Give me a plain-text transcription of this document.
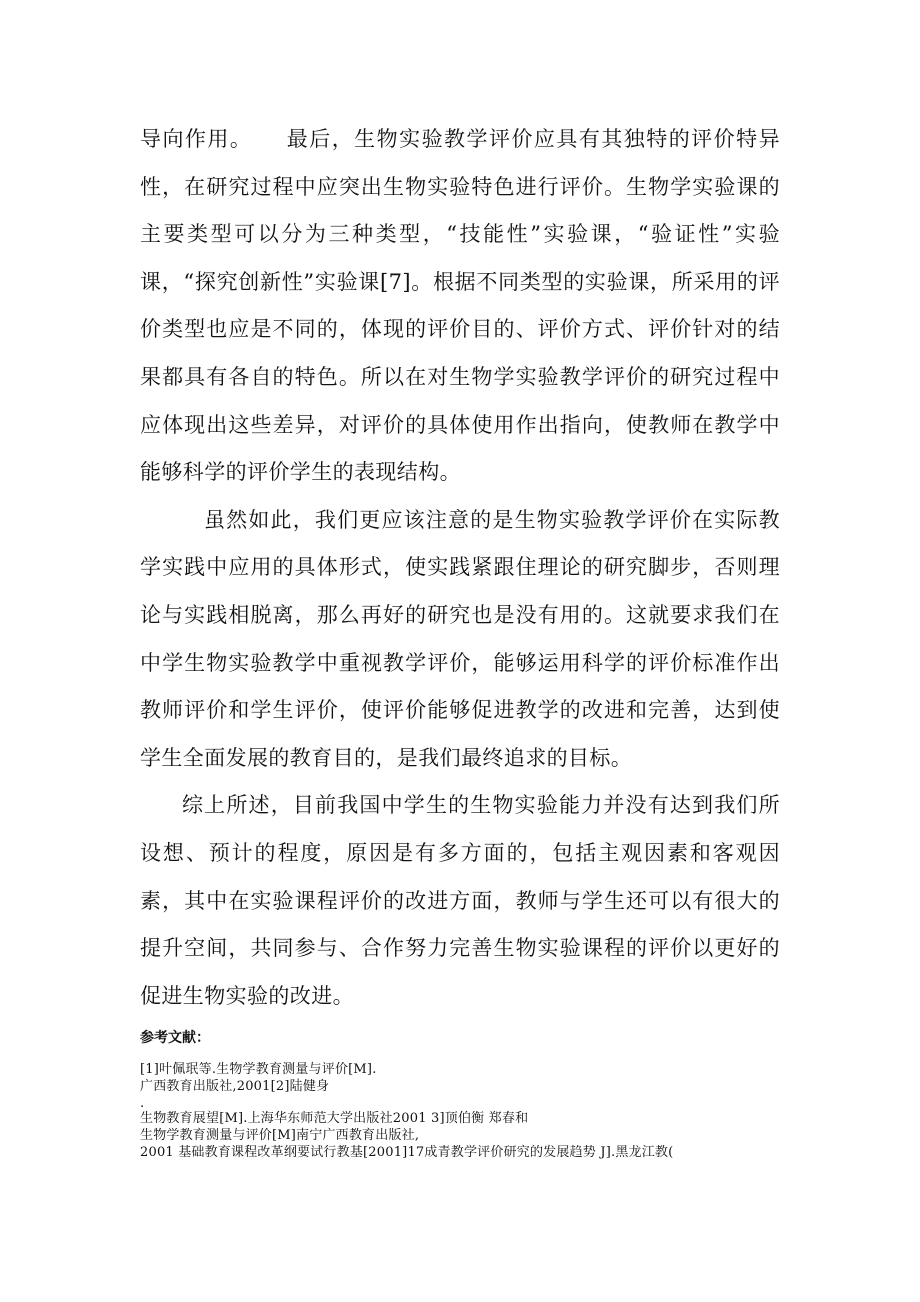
导向作用。　　最后，生物实验教学评价应具有其独特的评价特异性，在研究过程中应突出生物实验特色进行评价。生物学实验课的主要类型可以分为三种类型，“技能性”实验课，“验证性”实验课，“探究创新性”实验课[7]。根据不同类型的实验课，所采用的评价类型也应是不同的，体现的评价目的、评价方式、评价针对的结果都具有各自的特色。所以在对生物学实验教学评价的研究过程中应体现出这些差异，对评价的具体使用作出指向，使教师在教学中能够科学的评价学生的表现结构。

虽然如此，我们更应该注意的是生物实验教学评价在实际教学实践中应用的具体形式，使实践紧跟住理论的研究脚步，否则理论与实践相脱离，那么再好的研究也是没有用的。这就要求我们在中学生物实验教学中重视教学评价，能够运用科学的评价标准作出教师评价和学生评价，使评价能够促进教学的改进和完善，达到使学生全面发展的教育目的，是我们最终追求的目标。

综上所述，目前我国中学生的生物实验能力并没有达到我们所设想、预计的程度，原因是有多方面的，包括主观因素和客观因素，其中在实验课程评价的改进方面，教师与学生还可以有很大的提升空间，共同参与、合作努力完善生物实验课程的评价以更好的促进生物实验的改进。

参考文献：
[1]叶佩珉等.生物学教育测量与评价[M].
广西教育出版社,2001[2]陆健身
.
生物教育展望[M].上海华东师范大学出版社2001 3]顶伯衡 郑春和
生物学教育测量与评价[M]南宁广西教育出版社,
2001 基础教育课程改革纲要试行教基[2001]17成青教学评价研究的发展趋势 J].黑龙江教(
